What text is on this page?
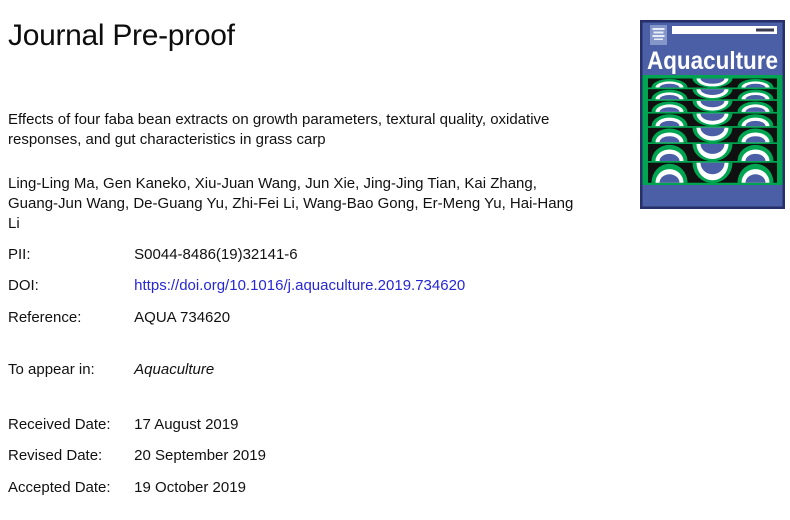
Journal Pre-proof
Effects of four faba bean extracts on growth parameters, textural quality, oxidative
responses, and gut characteristics in grass carp
Ling-Ling Ma, Gen Kaneko, Xiu-Juan Wang, Jun Xie, Jing-Jing Tian, Kai Zhang,
Guang-Jun Wang, De-Guang Yu, Zhi-Fei Li, Wang-Bao Gong, Er-Meng Yu, Hai-Hang
Li
PII:	S0044-8486(19)32141-6
DOI:	https://doi.org/10.1016/j.aquaculture.2019.734620
Reference:	AQUA 734620
To appear in:	Aquaculture
Received Date: 17 August 2019
Revised Date: 20 September 2019
Accepted Date: 19 October 2019
Aquaculture
